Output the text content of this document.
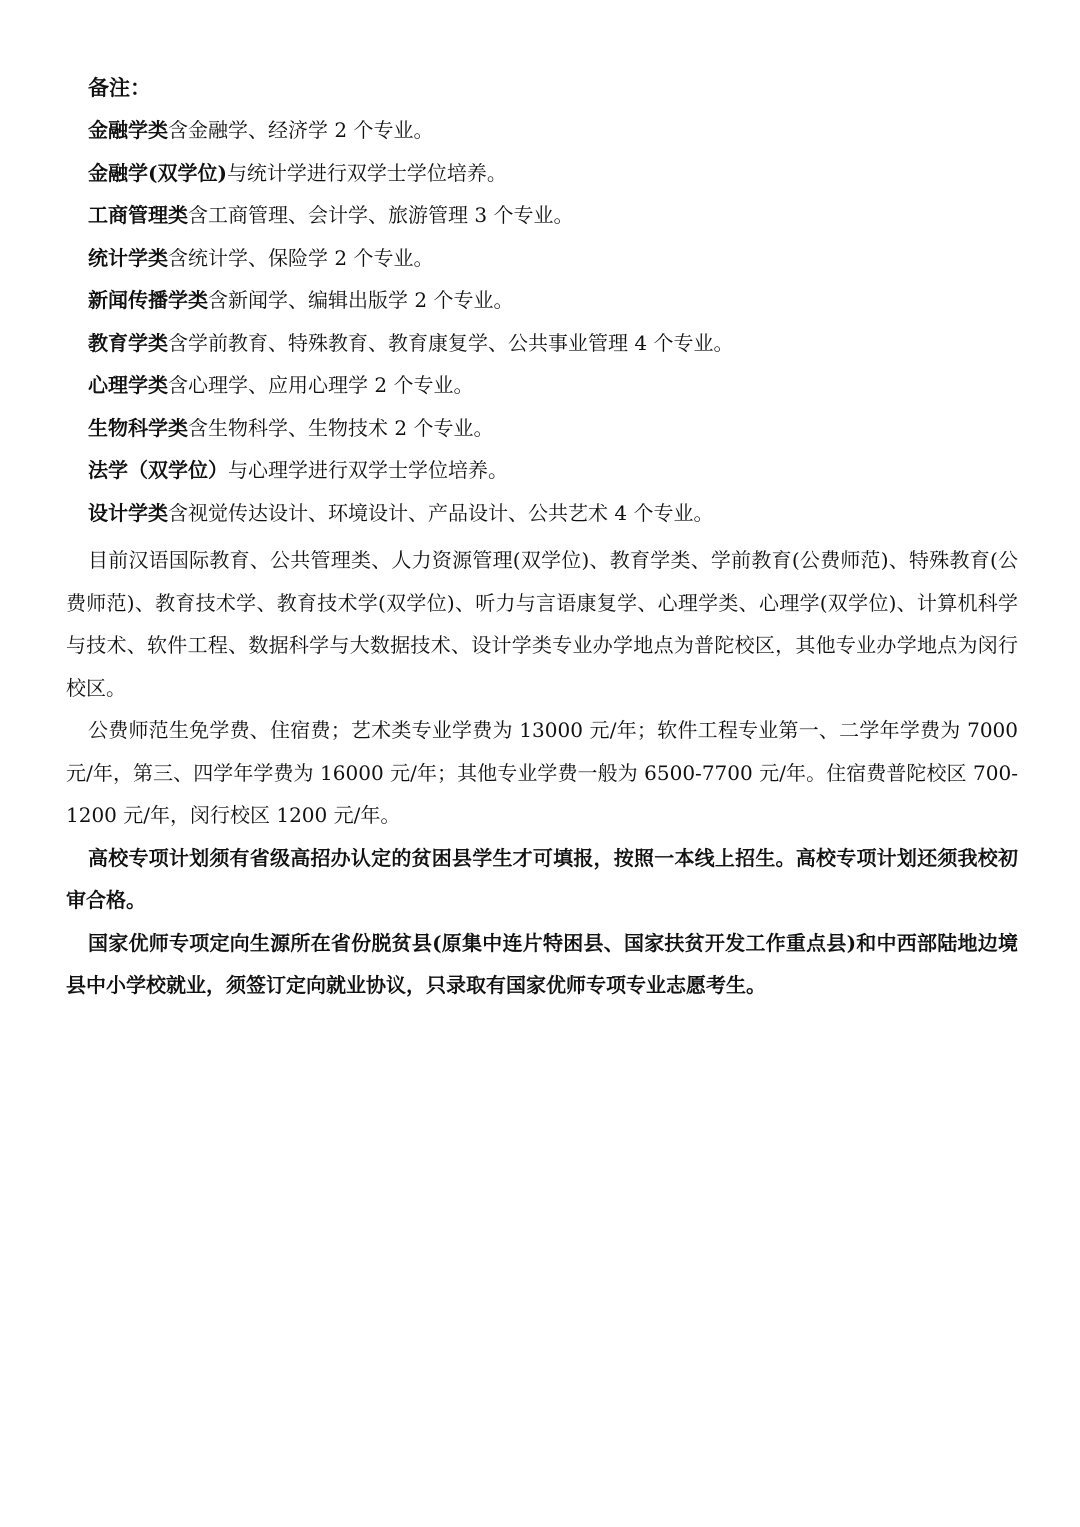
备注：
金融学类含金融学、经济学 2 个专业。
金融学(双学位)与统计学进行双学士学位培养。
工商管理类含工商管理、会计学、旅游管理 3 个专业。
统计学类含统计学、保险学 2 个专业。
新闻传播学类含新闻学、编辑出版学 2 个专业。
教育学类含学前教育、特殊教育、教育康复学、公共事业管理 4 个专业。
心理学类含心理学、应用心理学 2 个专业。
生物科学类含生物科学、生物技术 2 个专业。
法学（双学位）与心理学进行双学士学位培养。
设计学类含视觉传达设计、环境设计、产品设计、公共艺术 4 个专业。

目前汉语国际教育、公共管理类、人力资源管理(双学位)、教育学类、学前教育(公费师范)、特殊教育(公费师范)、教育技术学、教育技术学(双学位)、听力与言语康复学、心理学类、心理学(双学位)、计算机科学与技术、软件工程、数据科学与大数据技术、设计学类专业办学地点为普陀校区，其他专业办学地点为闵行校区。

公费师范生免学费、住宿费；艺术类专业学费为 13000 元/年；软件工程专业第一、二学年学费为 7000 元/年，第三、四学年学费为 16000 元/年；其他专业学费一般为 6500-7700 元/年。住宿费普陀校区 700-1200 元/年，闵行校区 1200 元/年。

高校专项计划须有省级高招办认定的贫困县学生才可填报，按照一本线上招生。高校专项计划还须我校初审合格。

国家优师专项定向生源所在省份脱贫县(原集中连片特困县、国家扶贫开发工作重点县)和中西部陆地边境县中小学校就业，须签订定向就业协议，只录取有国家优师专项专业志愿考生。
